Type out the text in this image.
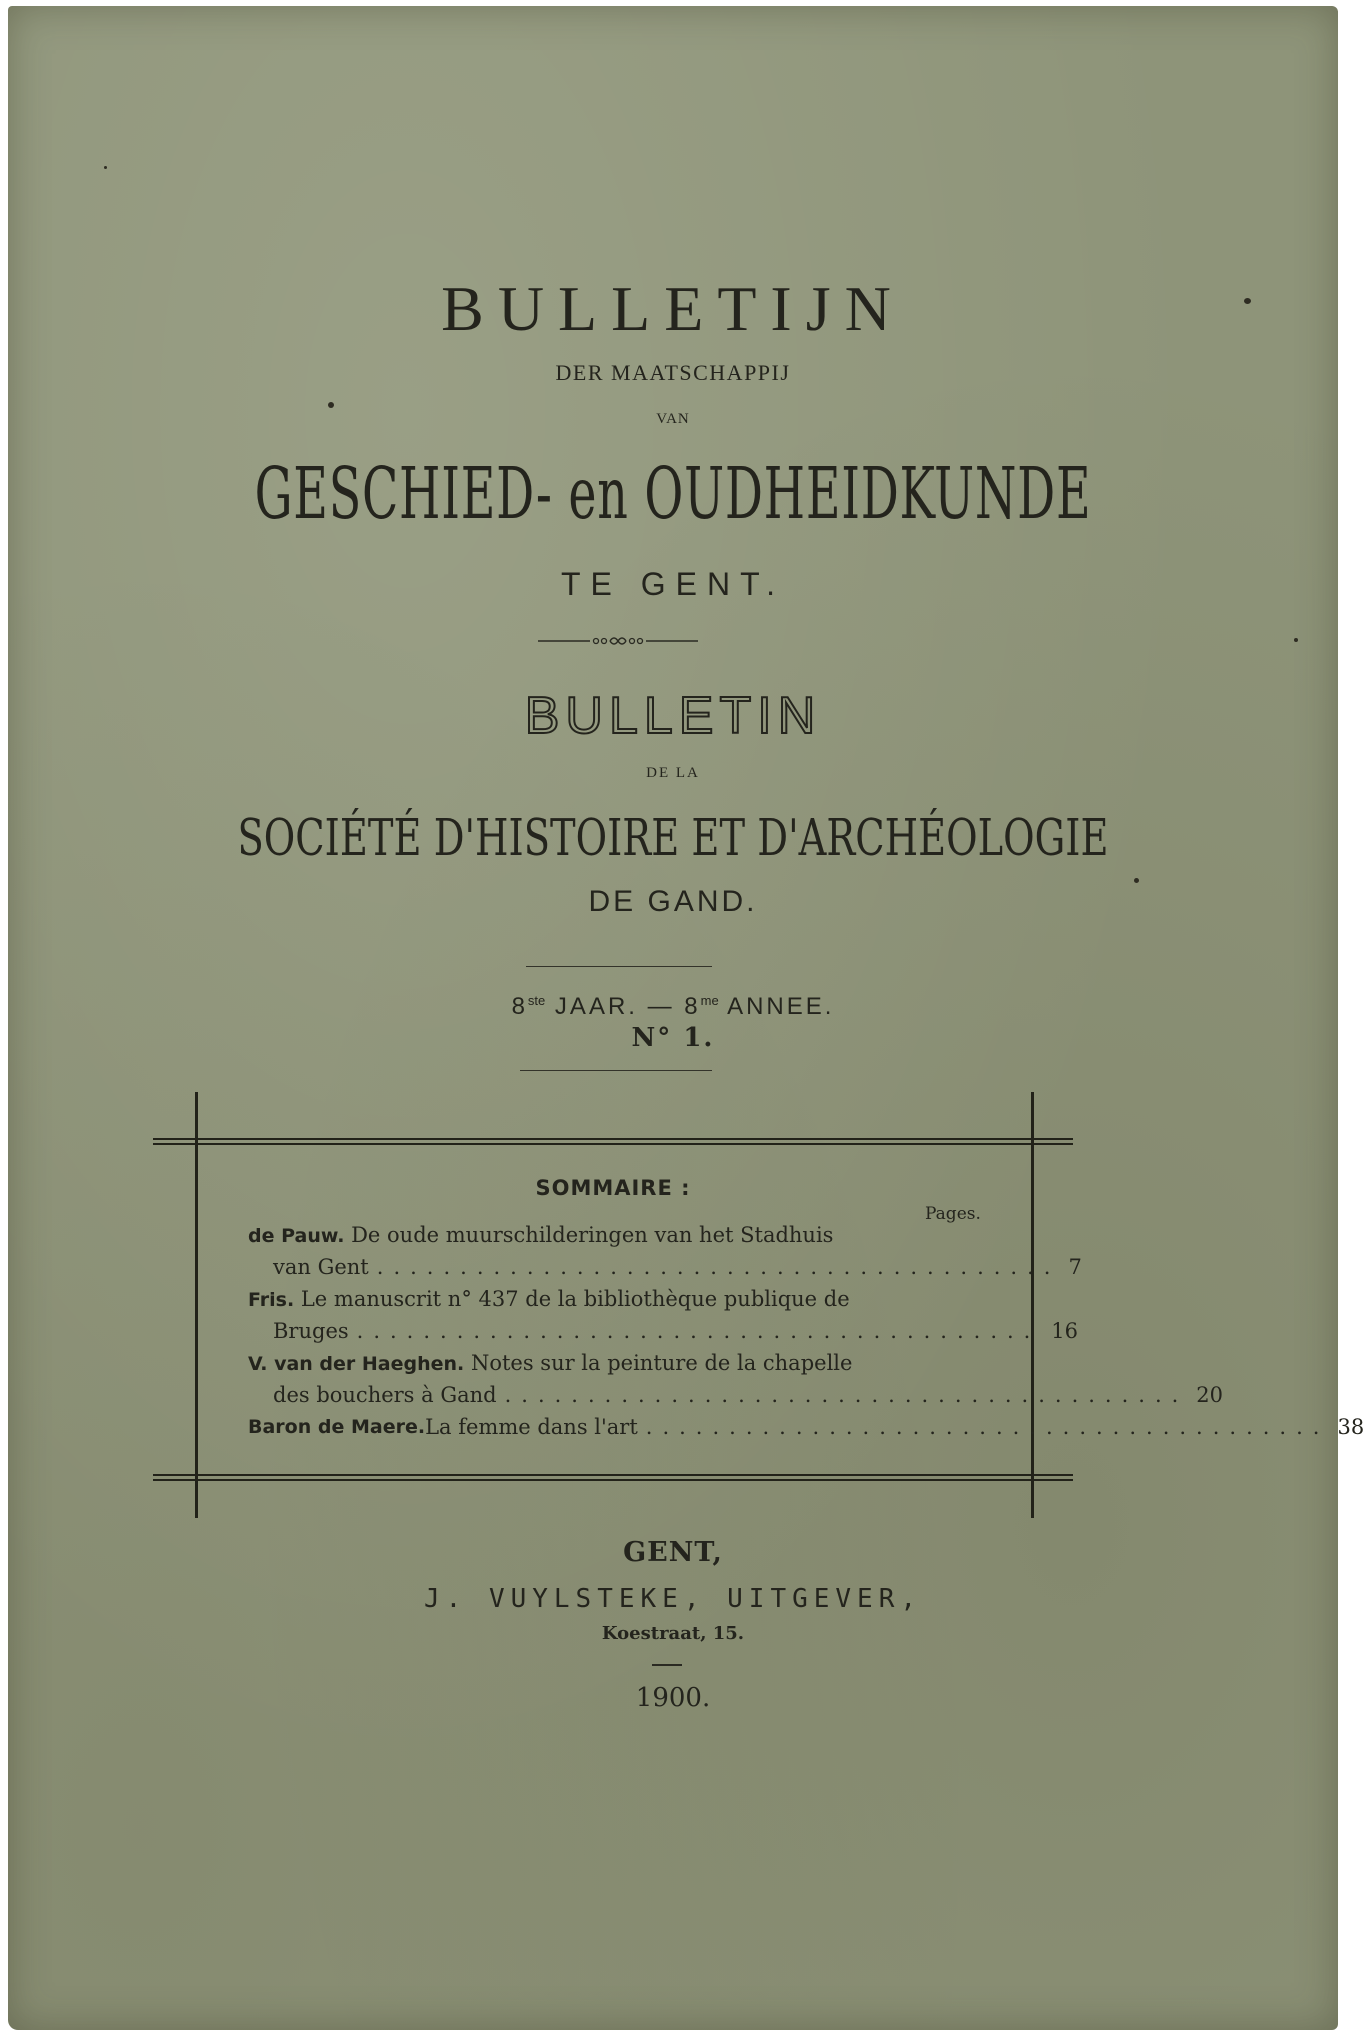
BULLETIJN
DER MAATSCHAPPIJ
VAN
GESCHIED- en OUDHEIDKUNDE
TE GENT.
BULLETIN
DE LA
SOCIÉTÉ D'HISTOIRE ET D'ARCHÉOLOGIE
DE GAND.
8ste JAAR. — $8^{me}$ ANNEE.
N° 1.
SOMMAIRE :
Pages.
de Pauw. De oude muurschilderingen van het Stadhuis
van Gent ......................................... 7
Fris. Le manuscrit n° 437 de la bibliothèque publique de
Bruges ......................................... 16
V. van der Haeghen. Notes sur la peinture de la chapelle
des bouchers à Gand ......................................... 20
Baron de Maere. La femme dans l'art ......................................... 38
GENT,
J. VUYLSTEKE, UITGEVER,
Koestraat, 15.
1900.
